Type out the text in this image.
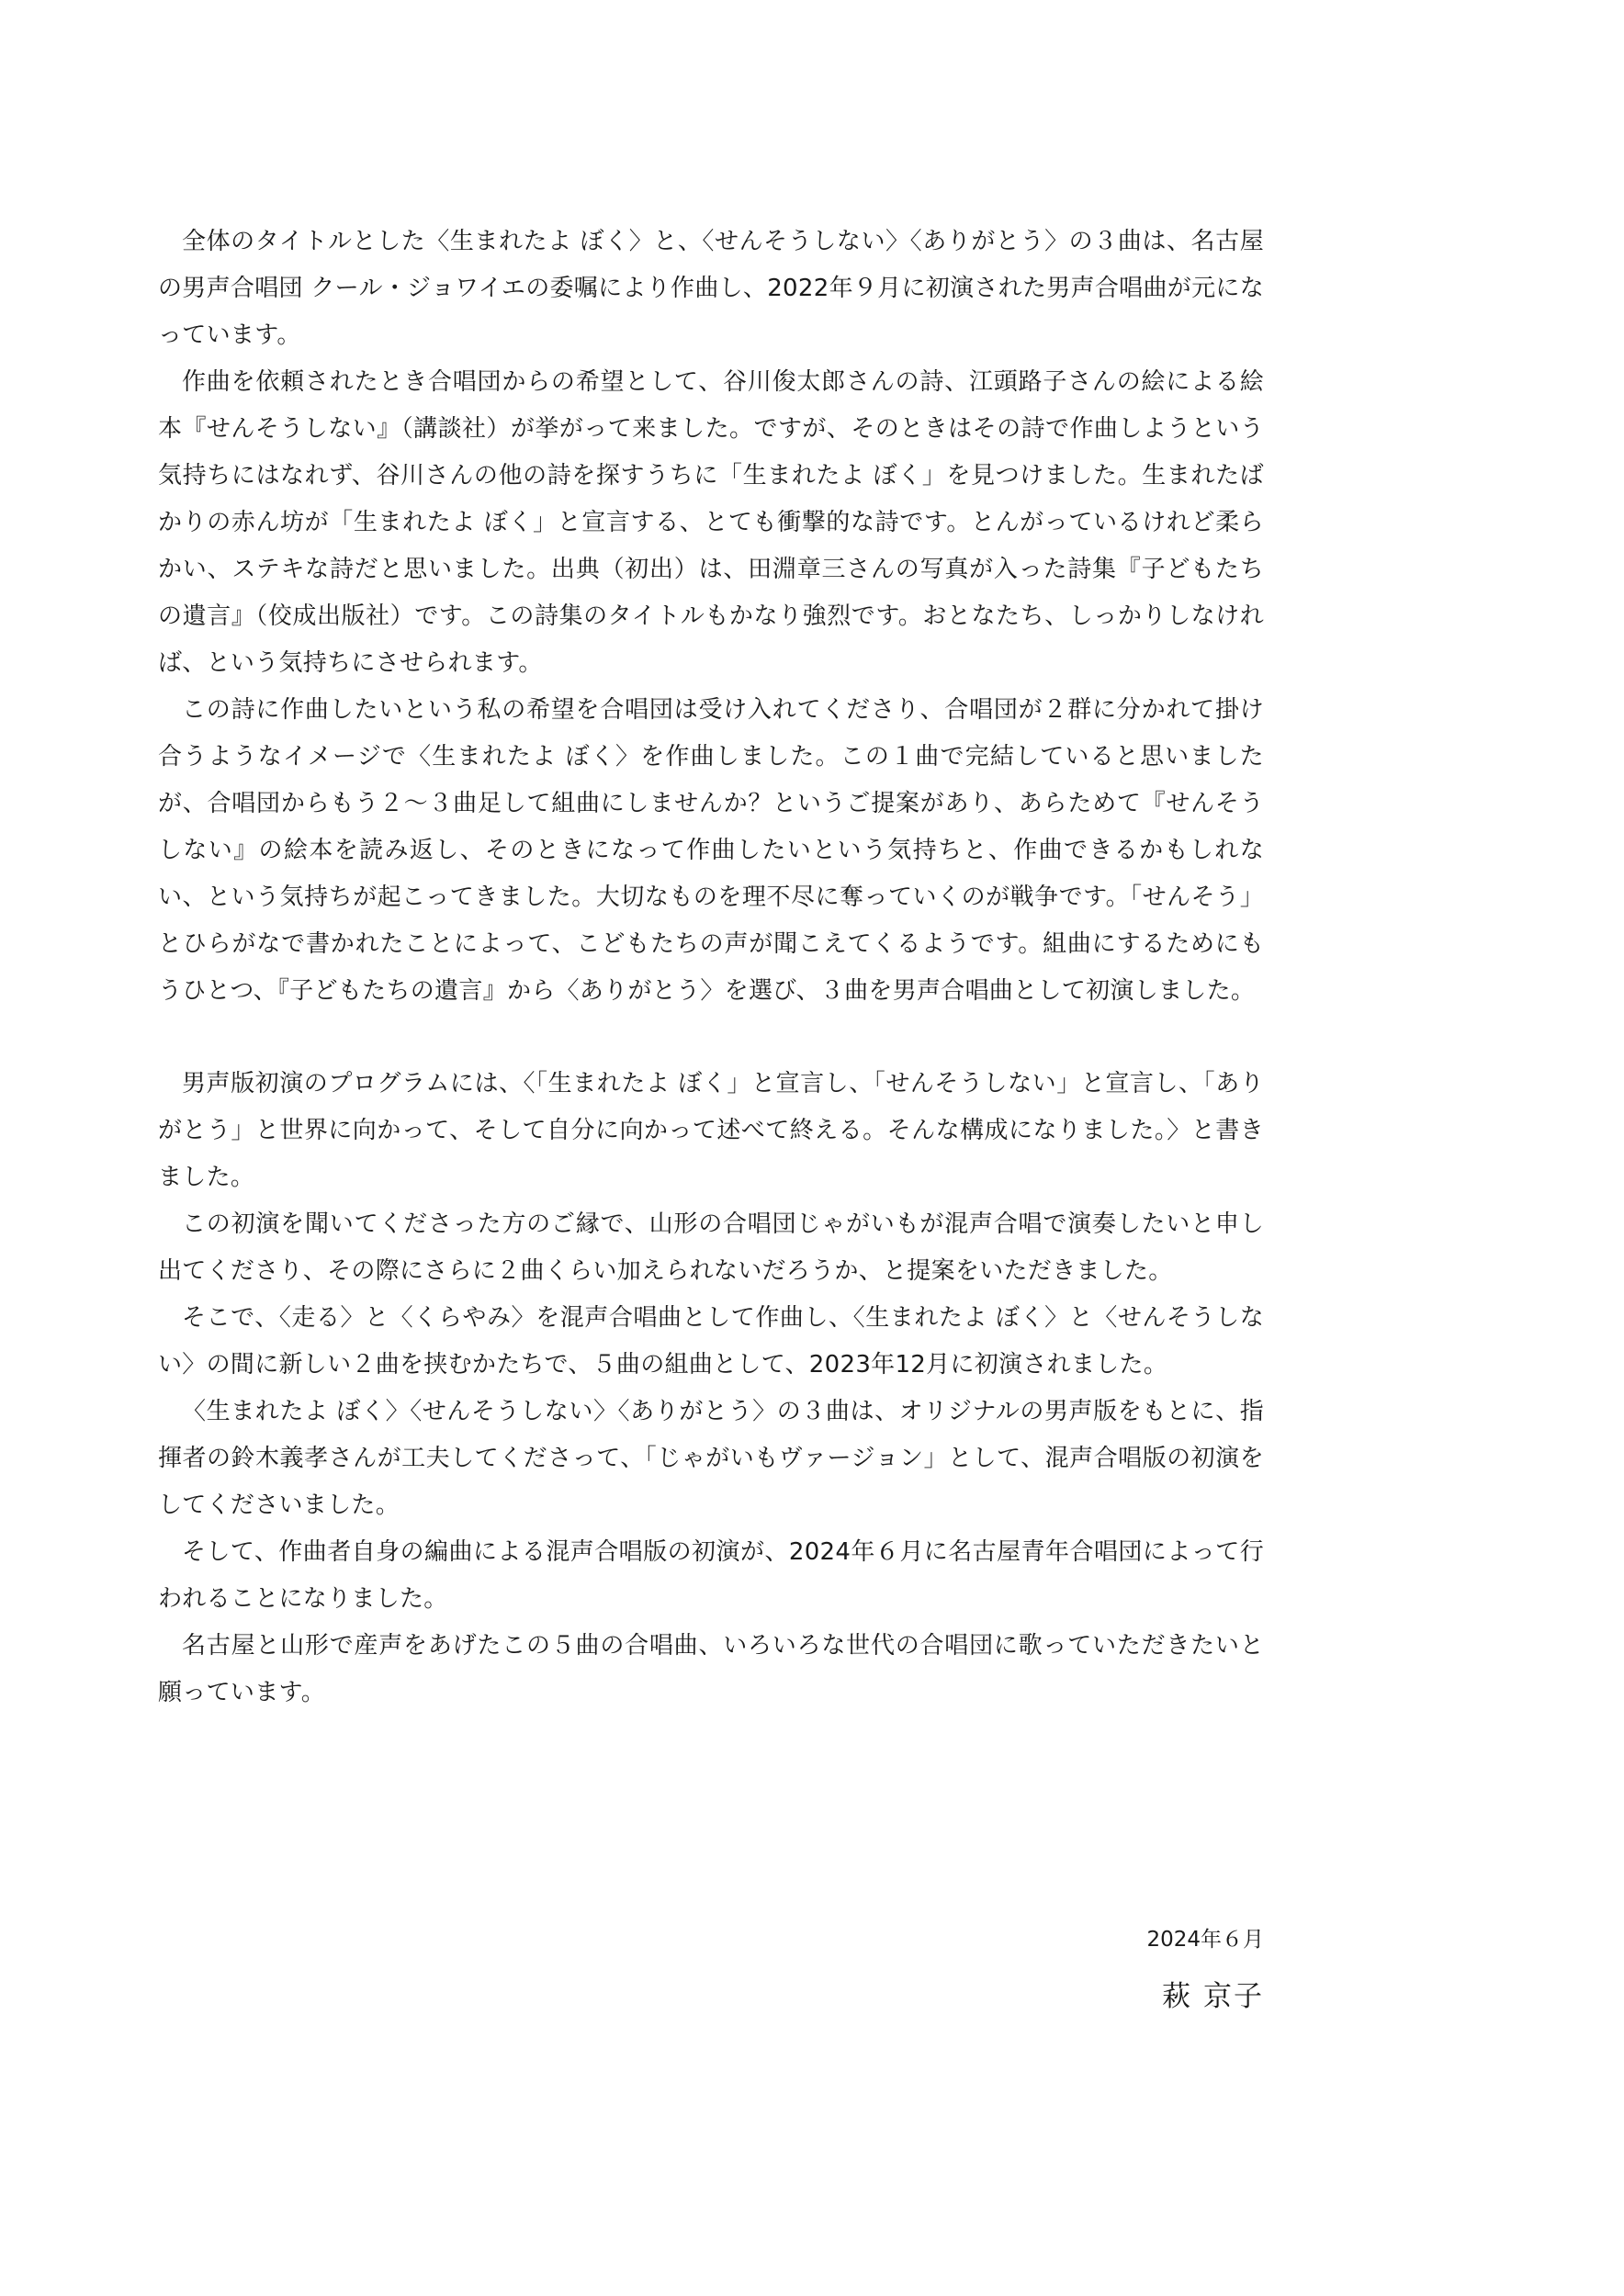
全体のタイトルとした〈生まれたよ ぼく〉と、〈せんそうしない〉〈ありがとう〉の３曲は、名古屋の男声合唱団 クール・ジョワイエの委嘱により作曲し、2022年９月に初演された男声合唱曲が元になっています。

作曲を依頼されたとき合唱団からの希望として、谷川俊太郎さんの詩、江頭路子さんの絵による絵本『せんそうしない』（講談社）が挙がって来ました。ですが、そのときはその詩で作曲しようという気持ちにはなれず、谷川さんの他の詩を探すうちに「生まれたよ ぼく」を見つけました。生まれたばかりの赤ん坊が「生まれたよ ぼく」と宣言する、とても衝撃的な詩です。とんがっているけれど柔らかい、ステキな詩だと思いました。出典（初出）は、田淵章三さんの写真が入った詩集『子どもたちの遺言』（佼成出版社）です。この詩集のタイトルもかなり強烈です。おとなたち、しっかりしなければ、という気持ちにさせられます。

この詩に作曲したいという私の希望を合唱団は受け入れてくださり、合唱団が２群に分かれて掛け合うようなイメージで〈生まれたよ ぼく〉を作曲しました。この１曲で完結していると思いましたが、合唱団からもう２〜３曲足して組曲にしませんか？というご提案があり、あらためて『せんそうしない』の絵本を読み返し、そのときになって作曲したいという気持ちと、作曲できるかもしれない、という気持ちが起こってきました。大切なものを理不尽に奪っていくのが戦争です。「せんそう」とひらがなで書かれたことによって、こどもたちの声が聞こえてくるようです。組曲にするためにもうひとつ、『子どもたちの遺言』から〈ありがとう〉を選び、３曲を男声合唱曲として初演しました。

男声版初演のプログラムには、〈「生まれたよ ぼく」と宣言し、「せんそうしない」と宣言し、「ありがとう」と世界に向かって、そして自分に向かって述べて終える。そんな構成になりました。〉と書きました。

この初演を聞いてくださった方のご縁で、山形の合唱団じゃがいもが混声合唱で演奏したいと申し出てくださり、その際にさらに２曲くらい加えられないだろうか、と提案をいただきました。

そこで、〈走る〉と〈くらやみ〉を混声合唱曲として作曲し、〈生まれたよ ぼく〉と〈せんそうしない〉の間に新しい２曲を挟むかたちで、５曲の組曲として、2023年12月に初演されました。

〈生まれたよ ぼく〉〈せんそうしない〉〈ありがとう〉の３曲は、オリジナルの男声版をもとに、指揮者の鈴木義孝さんが工夫してくださって、「じゃがいもヴァージョン」として、混声合唱版の初演をしてくださいました。

そして、作曲者自身の編曲による混声合唱版の初演が、2024年６月に名古屋青年合唱団によって行われることになりました。

名古屋と山形で産声をあげたこの５曲の合唱曲、いろいろな世代の合唱団に歌っていただきたいと願っています。

2024年６月
萩 京子
